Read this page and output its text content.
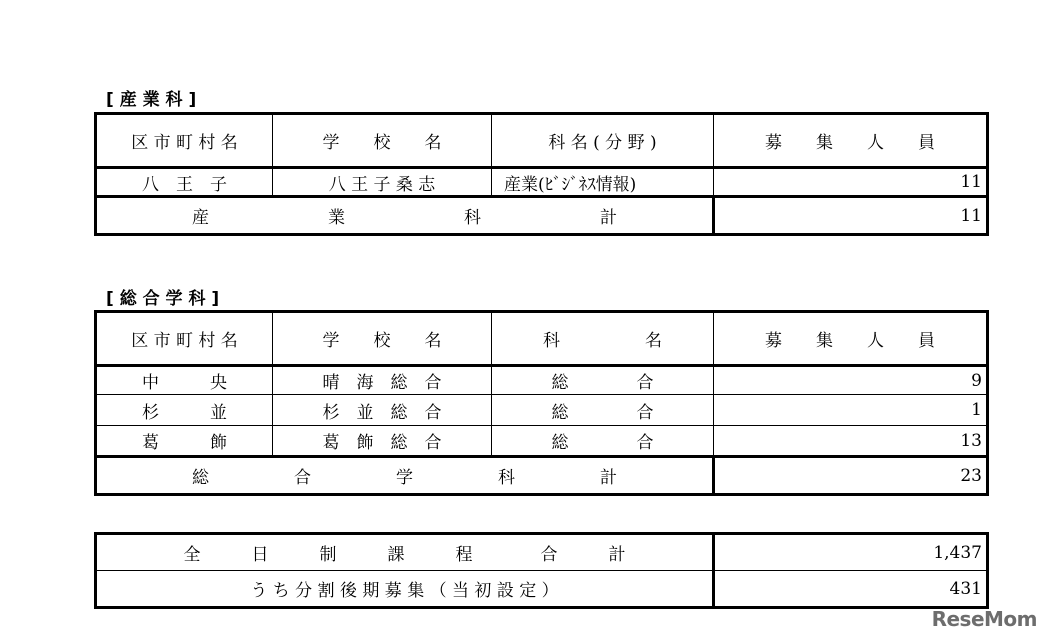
[ 産 業 科 ]
区 市 町 村 名	学　　校　　名	科 名 ( 分 野 )	募　　集　　人　　員
八　王　子	八 王 子 桑 志	産業(ﾋﾞｼﾞﾈｽ情報)	11
産　　　　　　　業　　　　　　　科　　　　　　　計			11
[ 総 合 学 科 ]
区 市 町 村 名	学　　校　　名	科　　　　　名	募　　集　　人　　員
中　　　央	晴　海　総　合	総　　　　合	9
杉　　　並	杉　並　総　合	総　　　　合	1
葛　　　飾	葛　飾　総　合	総　　　　合	13
総　　　　　合　　　　　学　　　　　科　　　　　計			23
全　　　日　　　制　　　課　　　程　　　　合　　　計	1,437
う ち 分 割 後 期 募 集 （ 当 初 設 定 ）	431
ReseMom
